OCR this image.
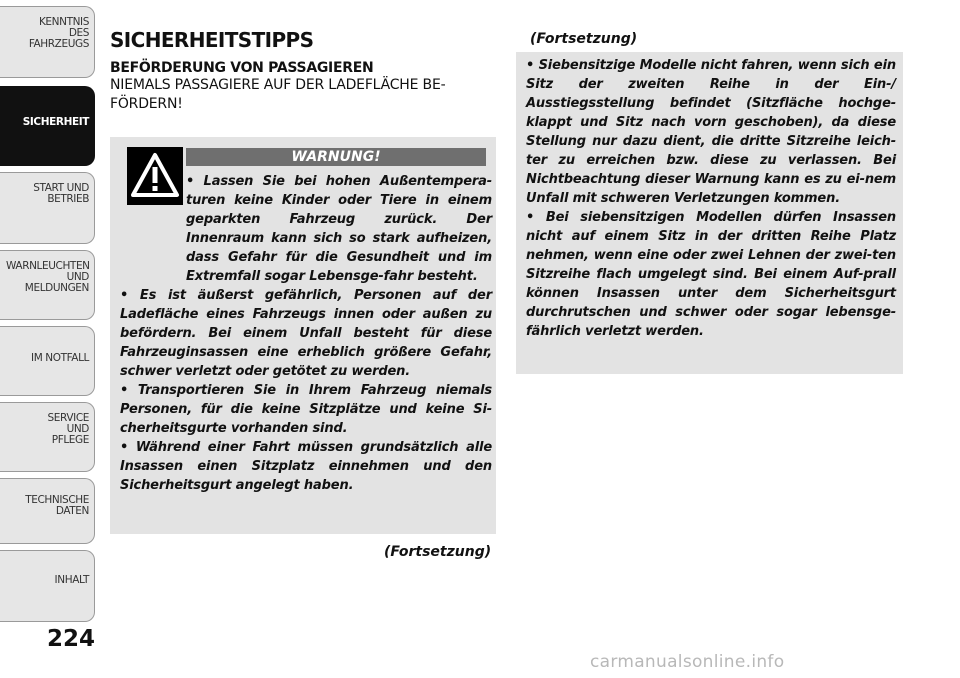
KENNTNIS
DES
FAHRZEUGS
SICHERHEIT
START UND
BETRIEB
WARNLEUCHTEN
UND
MELDUNGEN
IM NOTFALL
SERVICE
UND
PFLEGE
TECHNISCHE
DATEN
INHALT
224
SICHERHEITSTIPPS
BEFÖRDERUNG VON PASSAGIEREN

NIEMALS PASSAGIERE AUF DER LADEFLÄCHE BE-FÖRDERN!

WARNUNG!

• Lassen Sie bei hohen Außentempera-turen keine Kinder oder Tiere in einem geparkten Fahrzeug zurück. Der Innenraum kann sich so stark aufheizen, dass Gefahr für die Gesundheit und im Extremfall sogar Lebensge-fahr besteht.

• Es ist äußerst gefährlich, Personen auf der Ladefläche eines Fahrzeugs innen oder außen zu befördern. Bei einem Unfall besteht für diese Fahrzeuginsassen eine erheblich größere Gefahr, schwer verletzt oder getötet zu werden.

• Transportieren Sie in Ihrem Fahrzeug niemals Personen, für die keine Sitzplätze und keine Si-cherheitsgurte vorhanden sind.

• Während einer Fahrt müssen grundsätzlich alle Insassen einen Sitzplatz einnehmen und den Sicherheitsgurt angelegt haben.

(Fortsetzung)
(Fortsetzung)

• Siebensitzige Modelle nicht fahren, wenn sich ein Sitz der zweiten Reihe in der Ein-/ Ausstiegsstellung befindet (Sitzfläche hochge-klappt und Sitz nach vorn geschoben), da diese Stellung nur dazu dient, die dritte Sitzreihe leich-ter zu erreichen bzw. diese zu verlassen. Bei Nichtbeachtung dieser Warnung kann es zu ei-nem Unfall mit schweren Verletzungen kommen.

• Bei siebensitzigen Modellen dürfen Insassen nicht auf einem Sitz in der dritten Reihe Platz nehmen, wenn eine oder zwei Lehnen der zwei-ten Sitzreihe flach umgelegt sind. Bei einem Auf-prall können Insassen unter dem Sicherheitsgurt durchrutschen und schwer oder sogar lebensge-fährlich verletzt werden.

carmanualsonline.info
